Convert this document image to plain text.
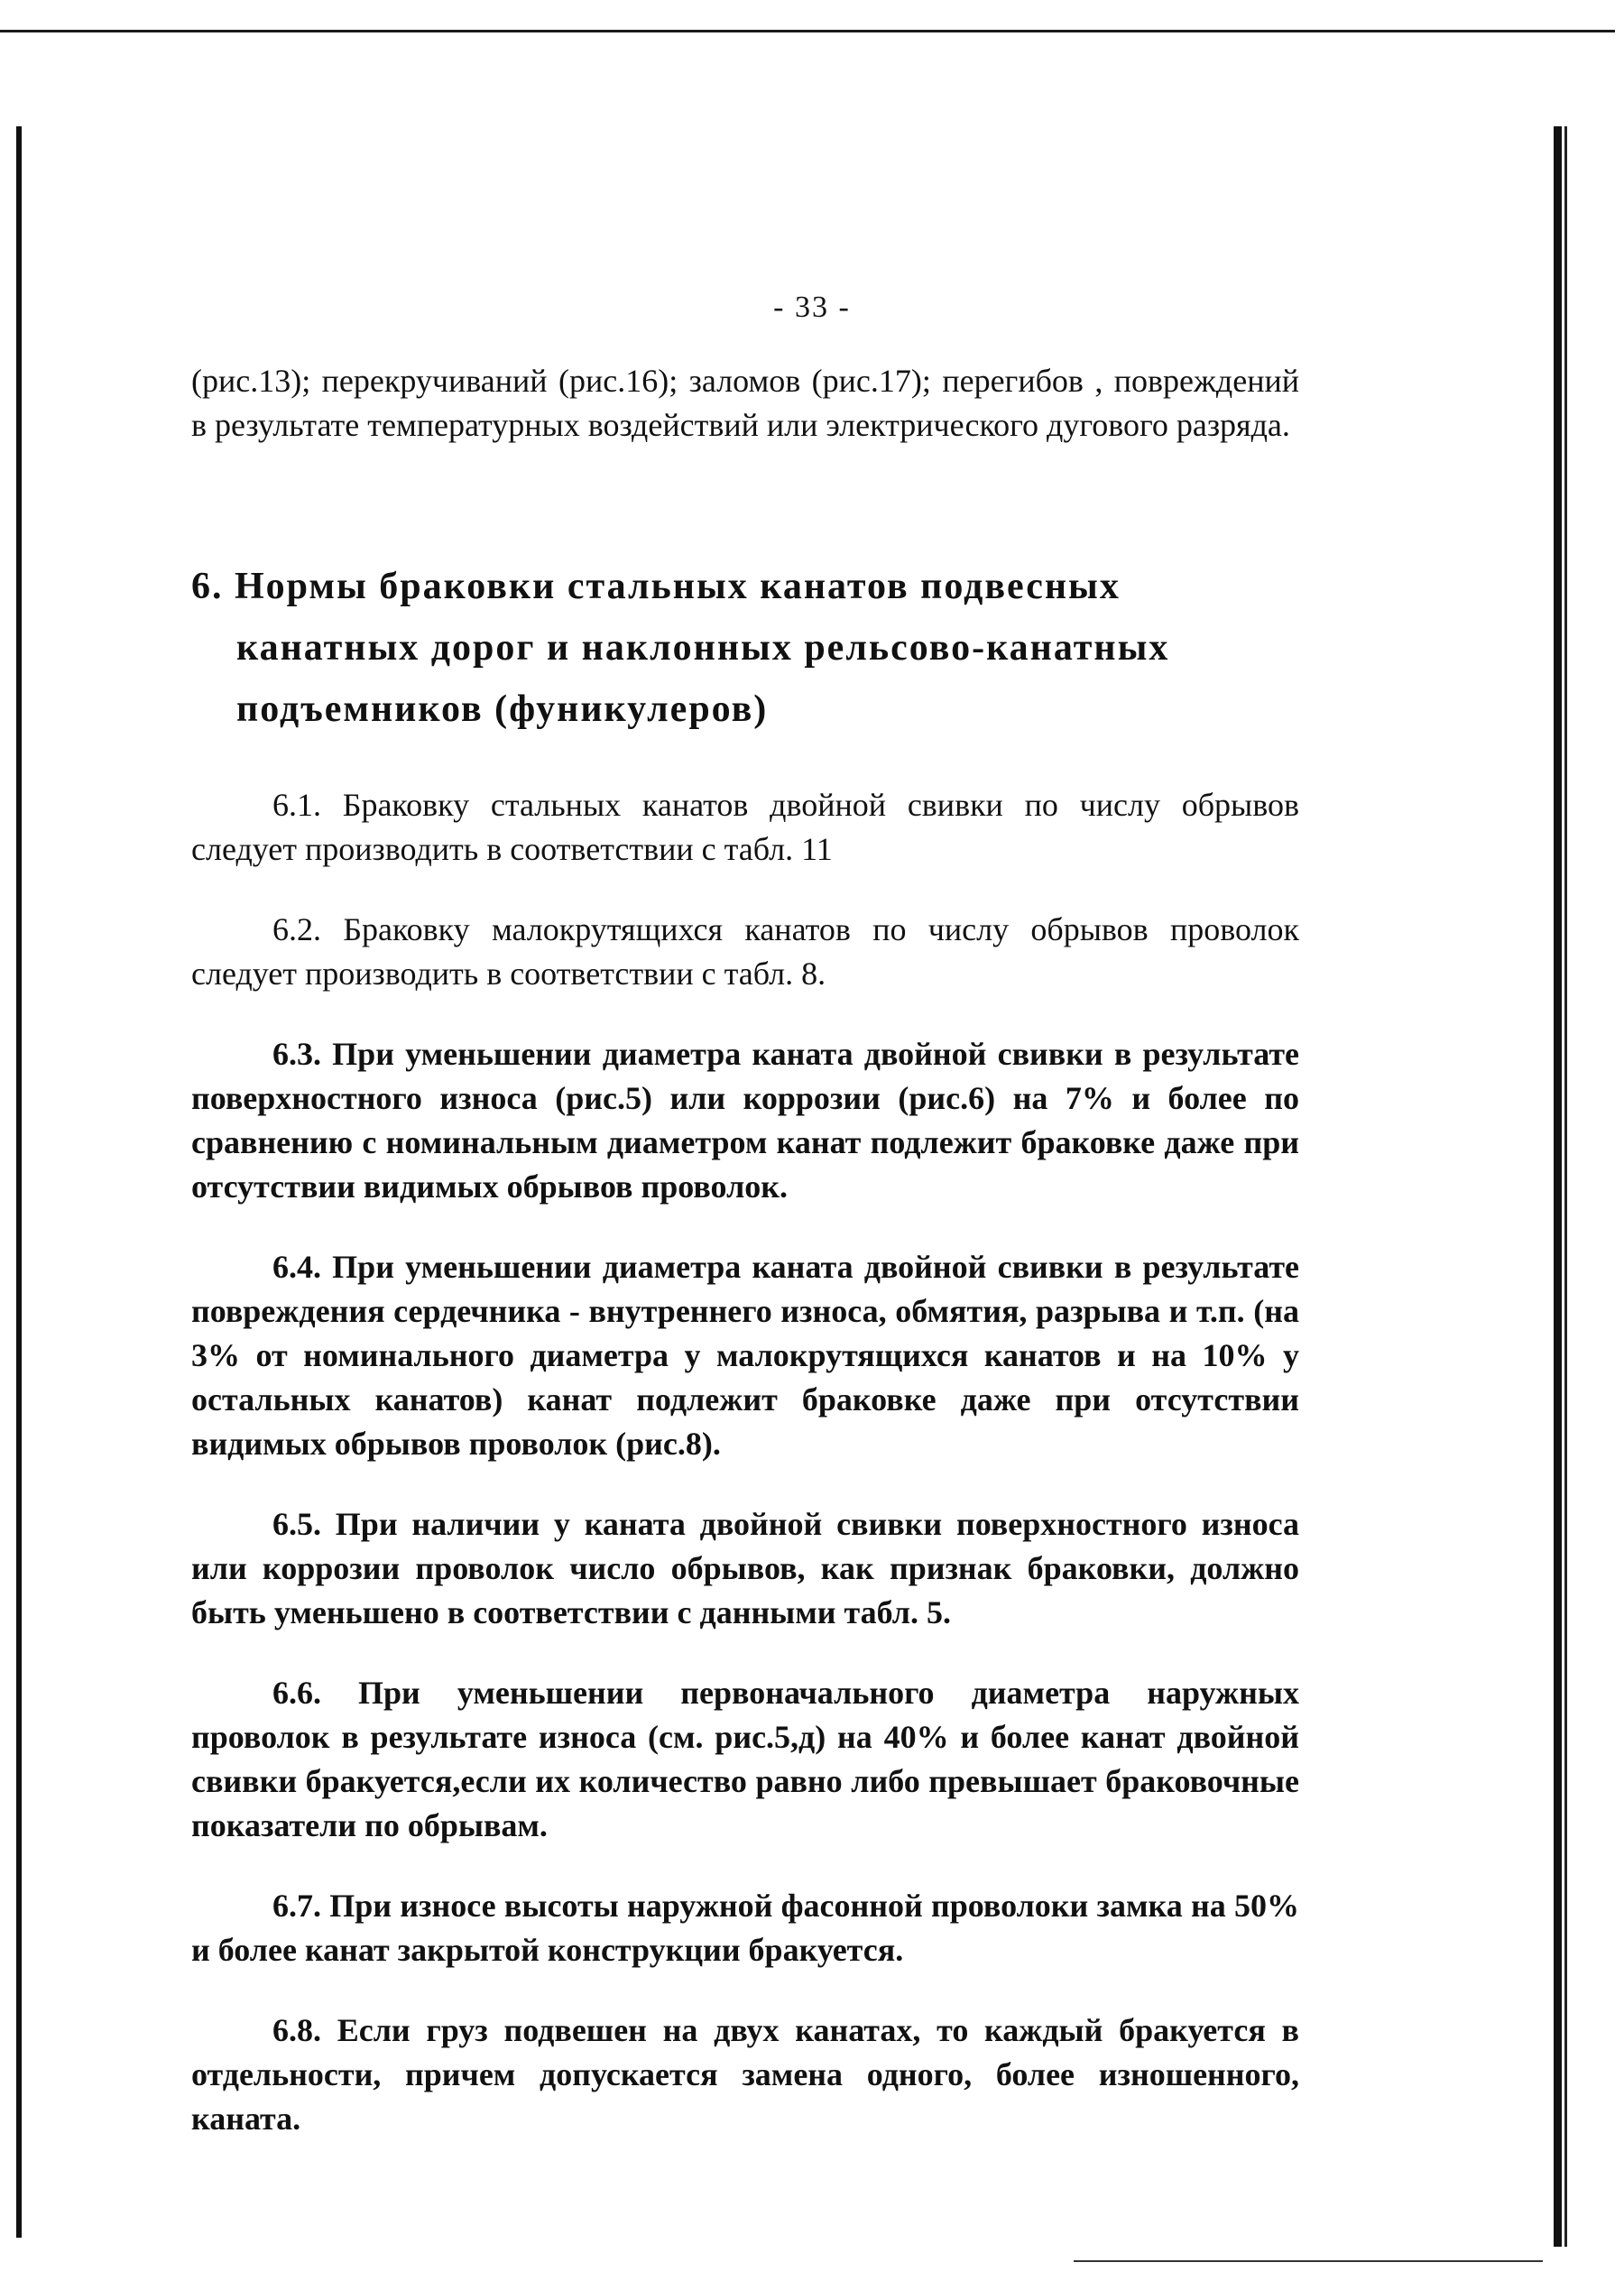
- 33 -

(рис.13); перекручиваний (рис.16); заломов (рис.17); перегибов , повреждений в результате температурных воздействий или электрического дугового разряда.

6. Нормы браковки стальных канатов подвесных канатных дорог и наклонных рельсово-канатных подъемников (фуникулеров)

6.1. Браковку стальных канатов двойной свивки по числу обрывов следует производить в соответствии с табл. 11

6.2. Браковку малокрутящихся канатов по числу обрывов проволок следует производить в соответствии с табл. 8.

6.3. При уменьшении диаметра каната двойной свивки в результате поверхностного износа (рис.5) или коррозии (рис.6) на 7% и более по сравнению с номинальным диаметром канат подлежит браковке даже при отсутствии видимых обрывов проволок.

6.4. При уменьшении диаметра каната двойной свивки в результате повреждения сердечника - внутреннего износа, обмятия, разрыва и т.п. (на 3% от номинального диаметра у малокрутящихся канатов и на 10% у остальных канатов) канат подлежит браковке даже при отсутствии видимых обрывов проволок (рис.8).

6.5. При наличии у каната двойной свивки поверхностного износа или коррозии проволок число обрывов, как признак браковки, должно быть уменьшено в соответствии с данными табл. 5.

6.6. При уменьшении первоначального диаметра наружных проволок в результате износа (см. рис.5,д) на 40% и более канат двойной свивки бракуется,если их количество равно либо превышает браковочные показатели по обрывам.

6.7. При износе высоты наружной фасонной проволоки замка на 50% и более канат закрытой конструкции бракуется.

6.8. Если груз подвешен на двух канатах, то каждый бракуется в отдельности, причем допускается замена одного, более изношенного, каната.
